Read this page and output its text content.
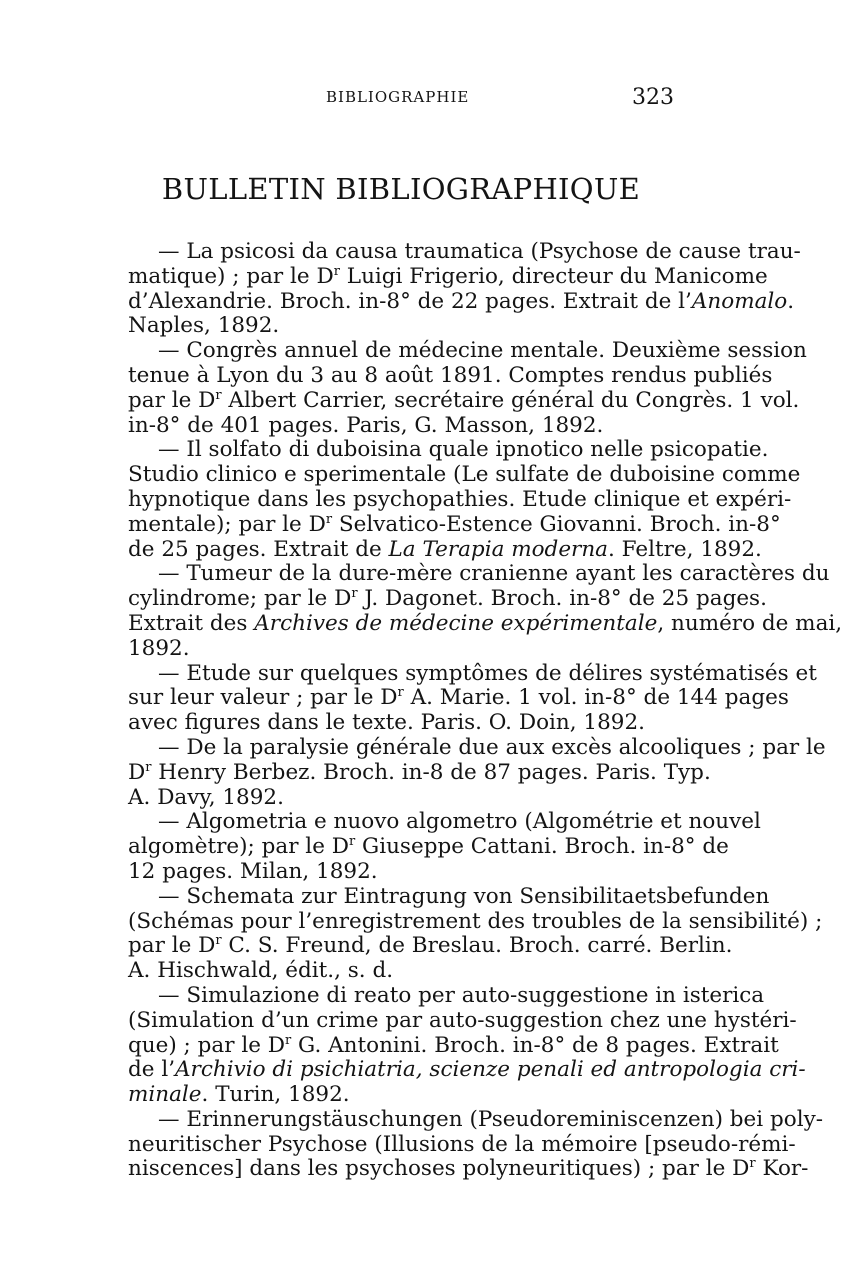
BIBLIOGRAPHIE	323
BULLETIN BIBLIOGRAPHIQUE

— La psicosi da causa traumatica (Psychose de cause trau-
matique) ; par le $D^r$ Luigi Frigerio, directeur du Manicome
d’Alexandrie. Broch. in-8° de 22 pages. Extrait de l’Anomalo.
Naples, 1892.

— Congrès annuel de médecine mentale. Deuxième session
tenue à Lyon du 3 au 8 août 1891. Comptes rendus publiés
par le $D^r$ Albert Carrier, secrétaire général du Congrès. 1 vol.
in-8° de 401 pages. Paris, G. Masson, 1892.

— Il solfato di duboisina quale ipnotico nelle psicopatie.
Studio clinico e sperimentale (Le sulfate de duboisine comme
hypnotique dans les psychopathies. Etude clinique et expéri-
mentale); par le $D^r$ Selvatico-Estence Giovanni. Broch. in-8°
de 25 pages. Extrait de La Terapia moderna. Feltre, 1892.

— Tumeur de la dure-mère cranienne ayant les caractères du
cylindrome; par le $D^r$ J. Dagonet. Broch. in-8° de 25 pages.
Extrait des Archives de médecine expérimentale, numéro de mai,
1892.

— Etude sur quelques symptômes de délires systématisés et
sur leur valeur ; par le $D^r$ A. Marie. 1 vol. in-8° de 144 pages
avec figures dans le texte. Paris. O. Doin, 1892.

— De la paralysie générale due aux excès alcooliques ; par le
$D^r$ Henry Berbez. Broch. in-8 de 87 pages. Paris. Typ.
A. Davy, 1892.

— Algometria e nuovo algometro (Algométrie et nouvel
algomètre); par le $D^r$ Giuseppe Cattani. Broch. in-8° de
12 pages. Milan, 1892.

— Schemata zur Eintragung von Sensibilitaetsbefunden
(Schémas pour l’enregistrement des troubles de la sensibilité) ;
par le $D^r$ C. S. Freund, de Breslau. Broch. carré. Berlin.
A. Hischwald, édit., s. d.

— Simulazione di reato per auto-suggestione in isterica
(Simulation d’un crime par auto-suggestion chez une hystéri-
que) ; par le $D^r$ G. Antonini. Broch. in-8° de 8 pages. Extrait
de l’Archivio di psichiatria, scienze penali ed antropologia cri-
minale. Turin, 1892.

— Erinnerungstäuschungen (Pseudoreminiscenzen) bei poly-
neuritischer Psychose (Illusions de la mémoire [pseudo-rémi-
niscences] dans les psychoses polyneuritiques) ; par le $D^r$ Kor-
